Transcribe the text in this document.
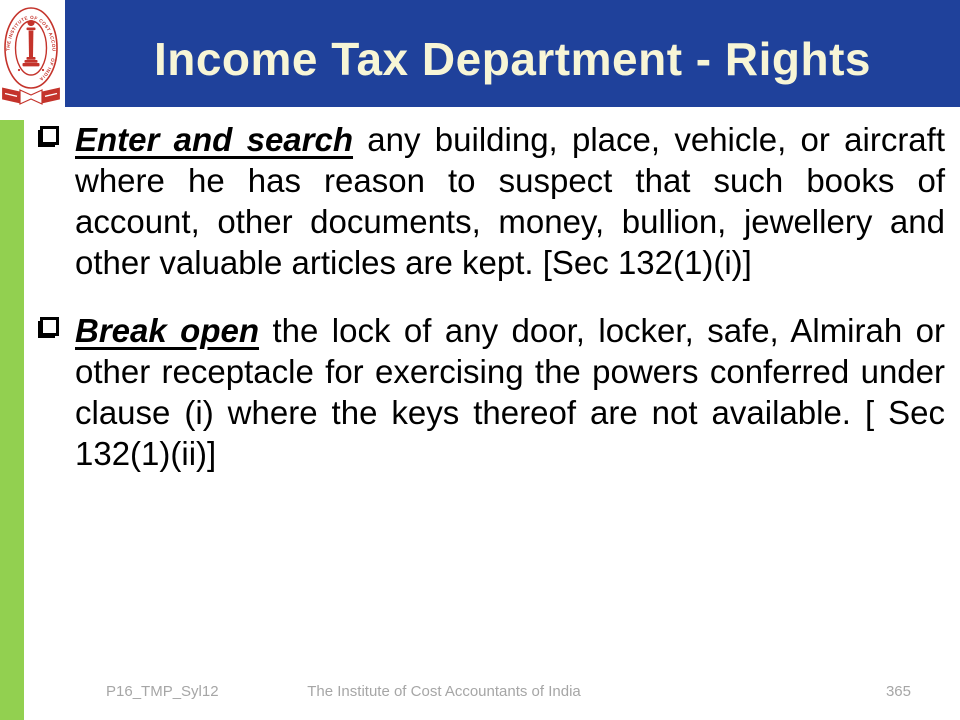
Income Tax Department - Rights
THE INSTITUTE OF COST ACCOU
OF INDIA

Enter and search any building, place, vehicle, or aircraft where he has reason to suspect that such books of account, other documents, money, bullion, jewellery and other valuable articles are kept. [Sec 132(1)(i)]

Break open the lock of any door, locker, safe, Almirah or other receptacle for exercising the powers conferred under clause (i) where the keys thereof are not available. [ Sec 132(1)(ii)]

P16_TMP_Syl12	The Institute of Cost Accountants of India	365
